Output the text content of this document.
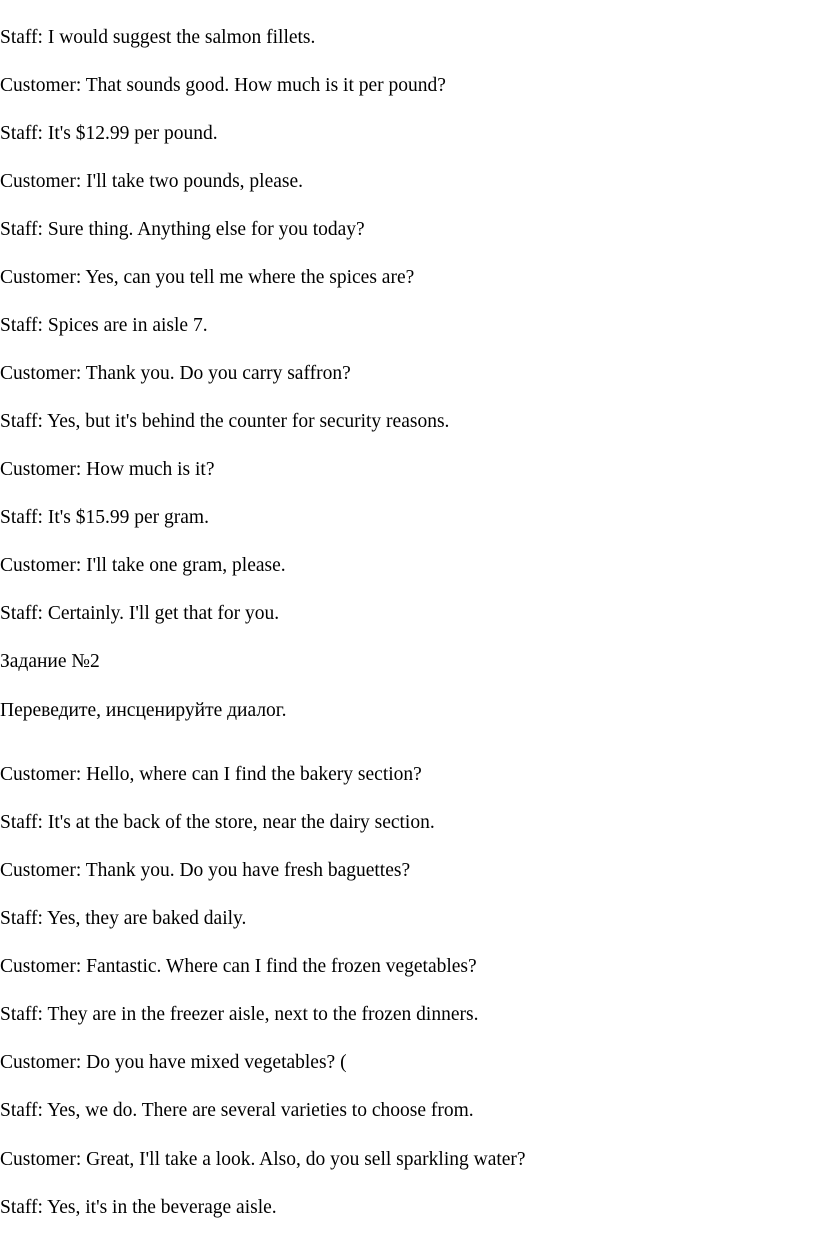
Staff: I would suggest the salmon fillets.
Customer: That sounds good. How much is it per pound?
Staff: It's $12.99 per pound.
Customer: I'll take two pounds, please.
Staff: Sure thing. Anything else for you today?
Customer: Yes, can you tell me where the spices are?
Staff: Spices are in aisle 7.
Customer: Thank you. Do you carry saffron?
Staff: Yes, but it's behind the counter for security reasons.
Customer: How much is it?
Staff: It's $15.99 per gram.
Customer: I'll take one gram, please.
Staff: Certainly. I'll get that for you.
Задание №2
Переведите, инсценируйте диалог.
Customer: Hello, where can I find the bakery section?
Staff: It's at the back of the store, near the dairy section.
Customer: Thank you. Do you have fresh baguettes?
Staff: Yes, they are baked daily.
Customer: Fantastic. Where can I find the frozen vegetables?
Staff: They are in the freezer aisle, next to the frozen dinners.
Customer: Do you have mixed vegetables? (
Staff: Yes, we do. There are several varieties to choose from.
Customer: Great, I'll take a look. Also, do you sell sparkling water?
Staff: Yes, it's in the beverage aisle.
